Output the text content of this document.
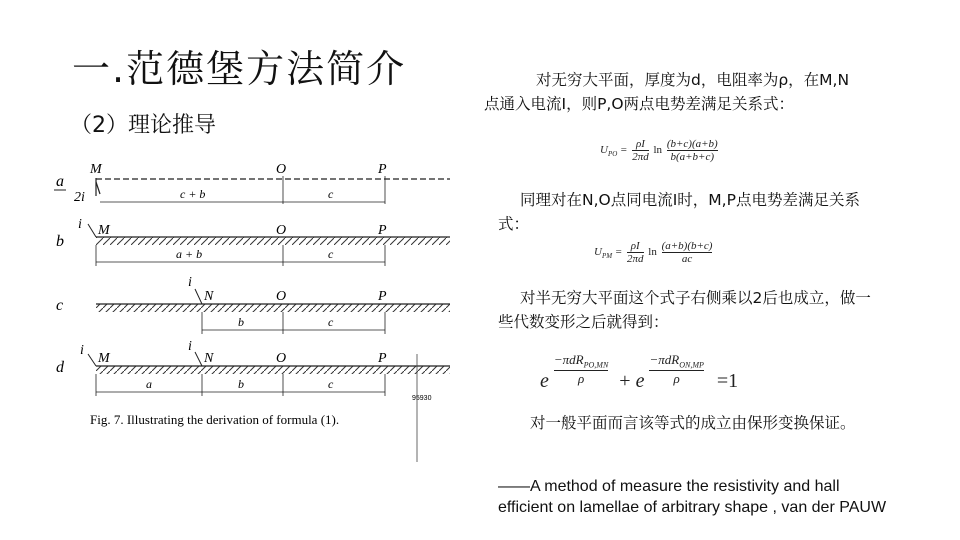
一.范德堡方法简介
（2）理论推导
a
M
2i
O	P
c + b	c
b
i M	O	P
a + b	c
c
i
N	O	P
b	c
d
i
M
i
N	O	P
a	b	c
95930
Fig. 7. Illustrating the derivation of formula (1).
对无穷大平面，厚度为d，电阻率为ρ，在M,N点通入电流I，则P,O两点电势差满足关系式：
$U_{PO} = \frac{\rho I}{2\pi d}$ $\ln \frac{(b+c)(a+b)}{b(a+b+c)}$
同理对在N,O点同电流I时，M,P点电势差满足关系式：
$U_{PM} = \frac{\rho I}{2\pi d}$ $\ln \frac{(a+b)(b+c)}{ac}$
对半无穷大平面这个式子右侧乘以2后也成立，做一些代数变形之后就得到：
e
−πdR$_{PO,MN}$
ρ	+ e
−πdR$_{ON,MP}$
ρ	=1
对一般平面而言该等式的成立由保形变换保证。
——A method of measure the resistivity and hall efficient on lamellae of arbitrary shape , van der PAUW
